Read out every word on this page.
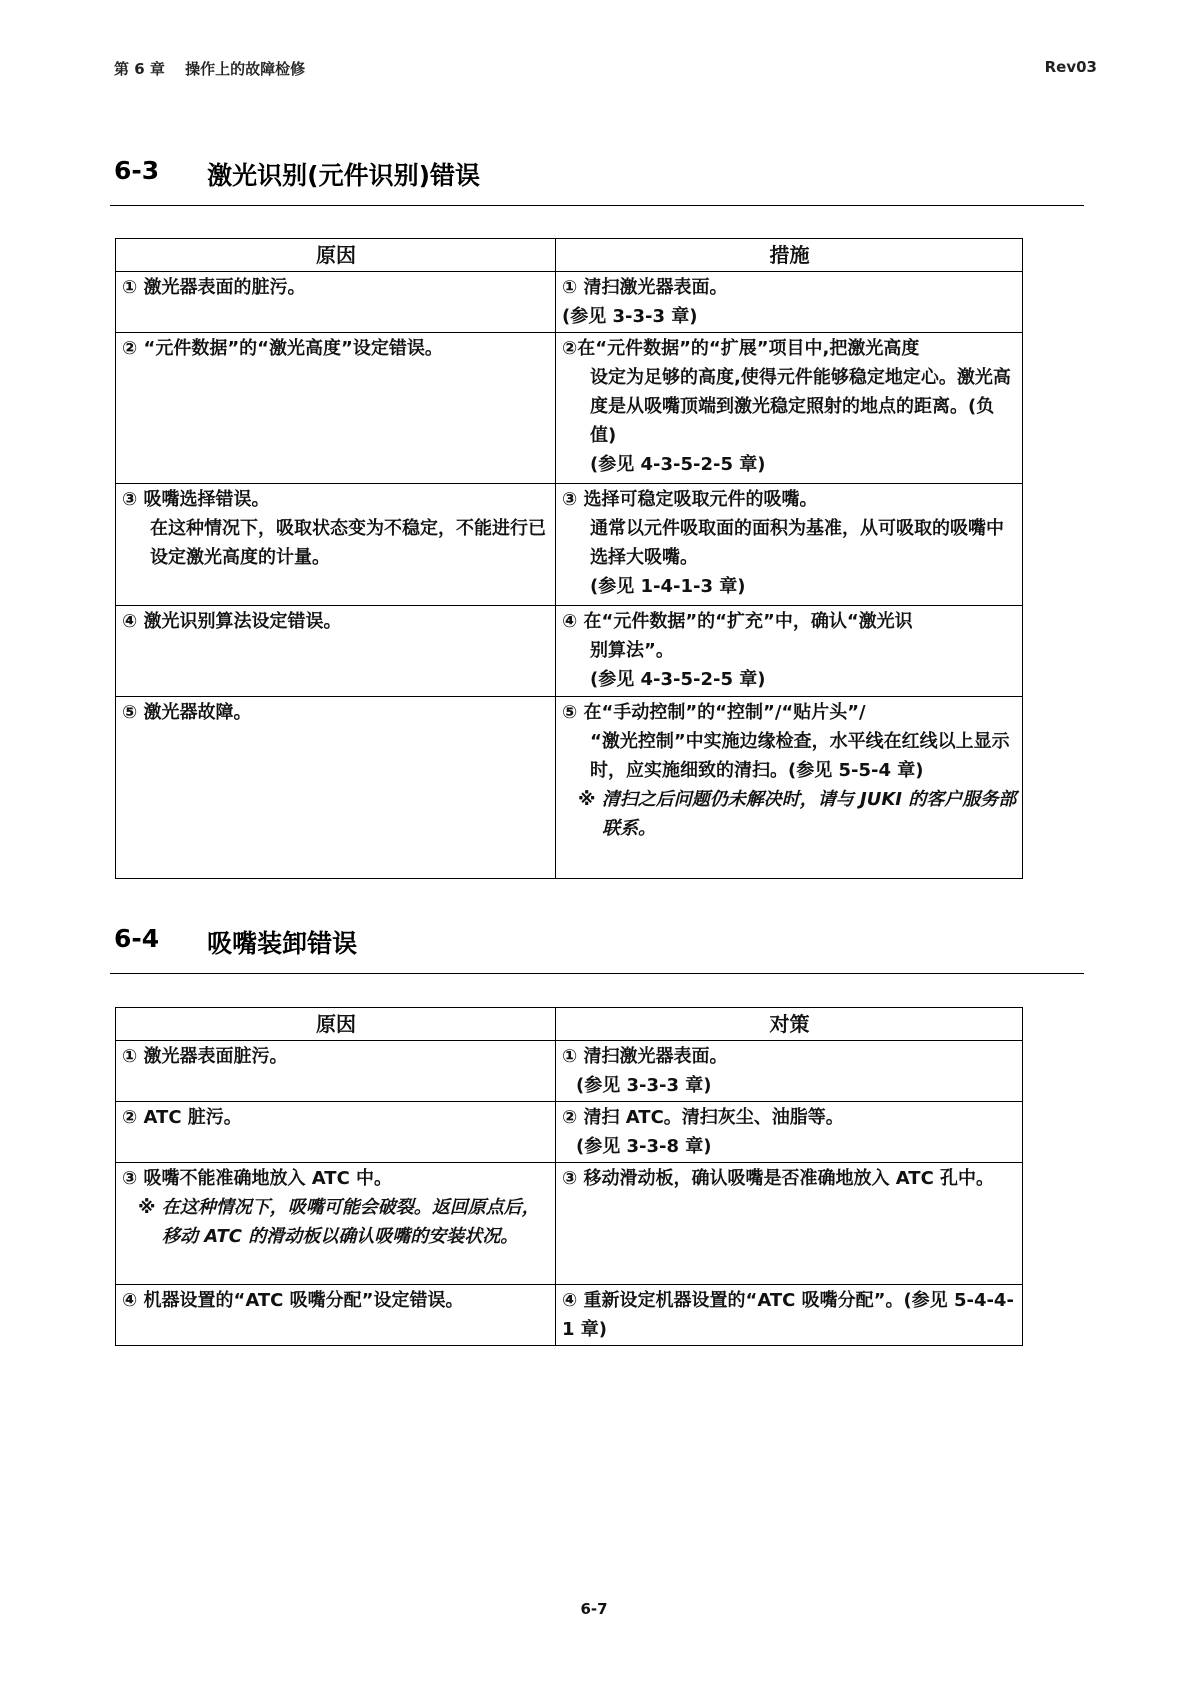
第 6 章　 操作上的故障检修	Rev03
6-3 激光识别(元件识别)错误
原因	措施
① 激光器表面的脏污。	① 清扫激光器表面。
(参见 3-3-3 章)

② “元件数据”的“激光高度”设定错误。	②在“元件数据”的“扩展”项目中,把激光高度
设定为足够的高度,使得元件能够稳定地定心。激光高度是从吸嘴顶端到激光稳定照射的地点的距离。(负值)
(参见 4-3-5-2-5 章)

③ 吸嘴选择错误。
在这种情况下，吸取状态变为不稳定，不能进行已设定激光高度的计量。	③ 选择可稳定吸取元件的吸嘴。
通常以元件吸取面的面积为基准，从可吸取的吸嘴中选择大吸嘴。
(参见 1-4-1-3 章)

④ 激光识别算法设定错误。	④ 在“元件数据”的“扩充”中，确认“激光识
别算法”。
(参见 4-3-5-2-5 章)

⑤ 激光器故障。	⑤ 在“手动控制”的“控制”/“贴片头”/
“激光控制”中实施边缘检查，水平线在红线以上显示时，应实施细致的清扫。(参见 5-5-4 章)
※ 清扫之后问题仍未解决时，请与 JUKI 的客户服务部联系。
6-4 吸嘴装卸错误
原因	对策
① 激光器表面脏污。	① 清扫激光器表面。
(参见 3-3-3 章)

② ATC 脏污。	② 清扫 ATC。清扫灰尘、油脂等。
(参见 3-3-8 章)

③ 吸嘴不能准确地放入 ATC 中。
※ 在这种情况下，吸嘴可能会破裂。返回原点后，移动 ATC 的滑动板以确认吸嘴的安装状况。	③ 移动滑动板，确认吸嘴是否准确地放入 ATC 孔中。
④ 机器设置的“ATC 吸嘴分配”设定错误。	④ 重新设定机器设置的“ATC 吸嘴分配”。(参见 5-4-4-1 章)
6-7
